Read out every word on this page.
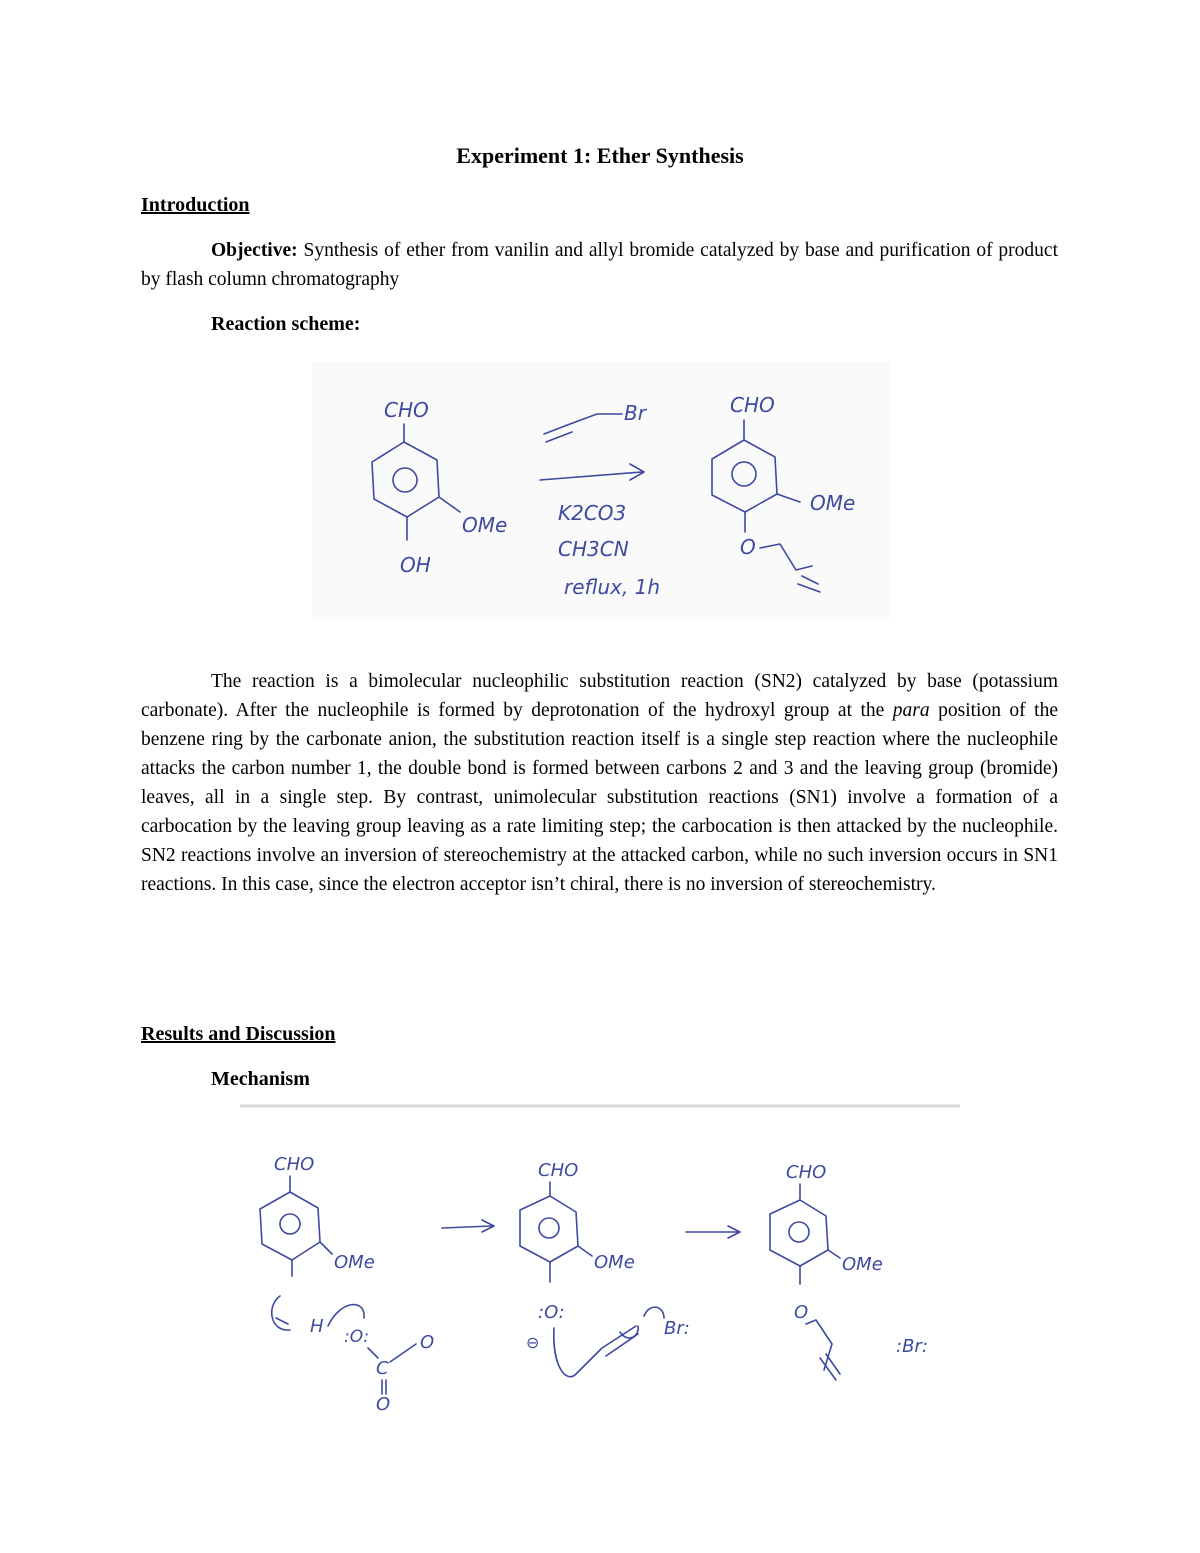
Experiment 1: Ether Synthesis
Introduction

Objective: Synthesis of ether from vanilin and allyl bromide catalyzed by base and purification of product by flash column chromatography

Reaction scheme:
CHO
OMe
OH
Br
K2CO3
CH3CN
reflux, 1h
CHO
OMe
O

The reaction is a bimolecular nucleophilic substitution reaction (SN2) catalyzed by base (potassium carbonate). After the nucleophile is formed by deprotonation of the hydroxyl group at the para position of the benzene ring by the carbonate anion, the substitution reaction itself is a single step reaction where the nucleophile attacks the carbon number 1, the double bond is formed between carbons 2 and 3 and the leaving group (bromide) leaves, all in a single step. By contrast, unimolecular substitution reactions (SN1) involve a formation of a carbocation by the leaving group leaving as a rate limiting step; the carbocation is then attacked by the nucleophile. SN2 reactions involve an inversion of stereochemistry at the attacked carbon, while no such inversion occurs in SN1 reactions. In this case, since the electron acceptor isn’t chiral, there is no inversion of stereochemistry.

Results and Discussion
Mechanism
CHO
OMe
H :O:
C
O
O
CHO
OMe
:O:
⊖
Br:
CHO
OMe
O
:Br:
